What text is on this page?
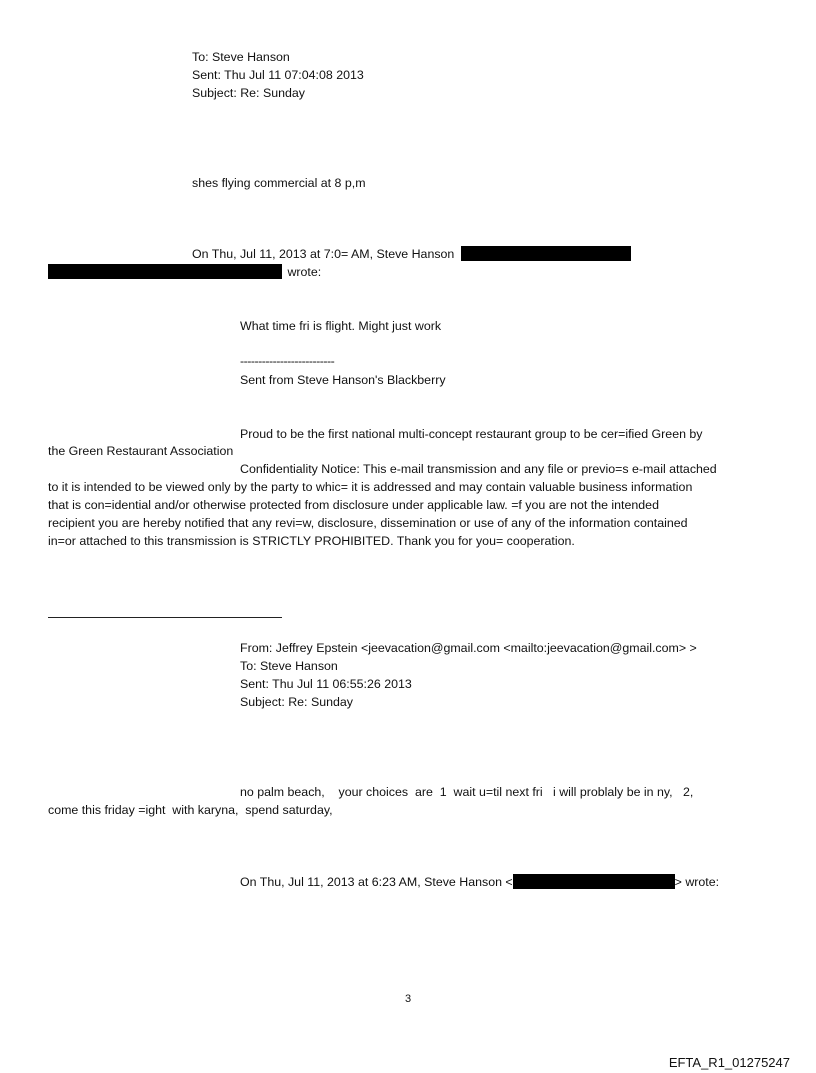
To: Steve Hanson
Sent: Thu Jul 11 07:04:08 2013
Subject: Re: Sunday
shes flying commercial at 8 p,m
On Thu, Jul 11, 2013 at 7:0= AM, Steve Hanson
wrote:
What time fri is flight. Might just work
--------------------------
Sent from Steve Hanson's Blackberry
Proud to be the first national multi-concept restaurant group to be cer=ified Green by
the Green Restaurant Association
Confidentiality Notice: This e-mail transmission and any file or previo=s e-mail attached
to it is intended to be viewed only by the party to whic= it is addressed and may contain valuable business information
that is con=idential and/or otherwise protected from disclosure under applicable law. =f you are not the intended
recipient you are hereby notified that any revi=w, disclosure, dissemination or use of any of the information contained
in=or attached to this transmission is STRICTLY PROHIBITED. Thank you for you= cooperation.
From: Jeffrey Epstein <jeevacation@gmail.com <mailto:jeevacation@gmail.com> >
To: Steve Hanson
Sent: Thu Jul 11 06:55:26 2013
Subject: Re: Sunday
no palm beach,    your choices  are  1  wait u=til next fri   i will problaly be in ny,   2,
come this friday =ight  with karyna,  spend saturday,
On Thu, Jul 11, 2013 at 6:23 AM, Steve Hanson <	> wrote:
3
EFTA_R1_01275247
